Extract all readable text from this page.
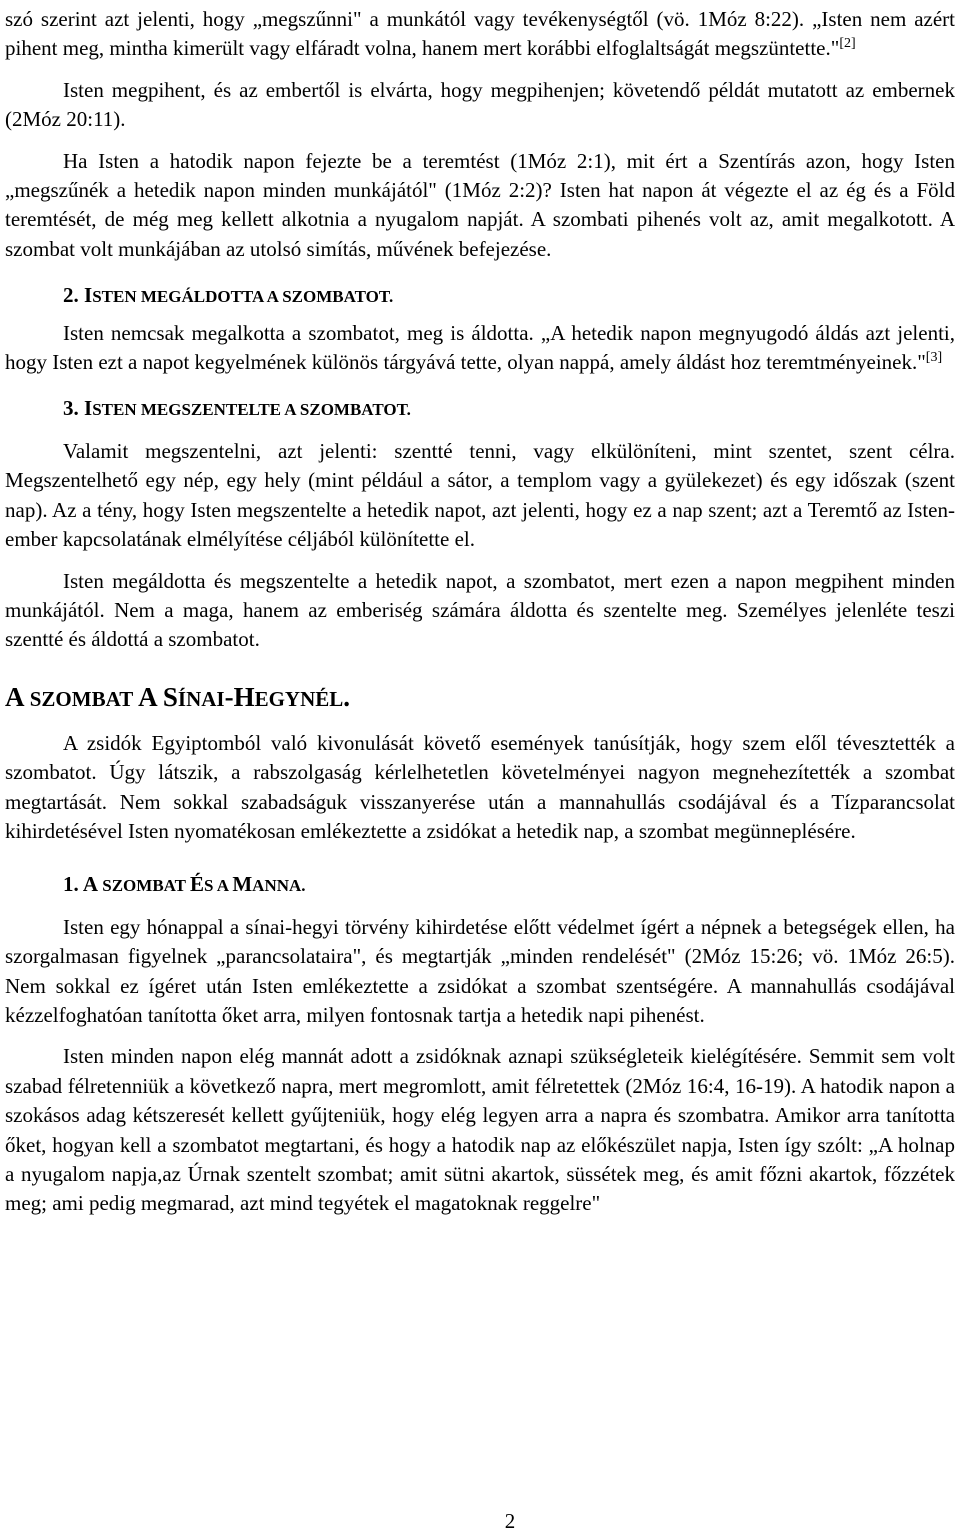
szó szerint azt jelenti, hogy „megszűnni" a munkától vagy tevékenységtől (vö. 1Móz 8:22). „Isten nem azért pihent meg, mintha kimerült vagy elfáradt volna, hanem mert korábbi elfoglaltságát megszüntette."[2]

Isten megpihent, és az embertől is elvárta, hogy megpihenjen; követendő példát mutatott az embernek (2Móz 20:11).

Ha Isten a hatodik napon fejezte be a teremtést (1Móz 2:1), mit ért a Szentírás azon, hogy Isten „megszűnék a hetedik napon minden munkájától" (1Móz 2:2)? Isten hat napon át végezte el az ég és a Föld teremtését, de még meg kellett alkotnia a nyugalom napját. A szombati pihenés volt az, amit megalkotott. A szombat volt munkájában az utolsó simítás, művének befejezése.

2. ISTEN MEGÁLDOTTA A SZOMBATOT.

Isten nemcsak megalkotta a szombatot, meg is áldotta. „A hetedik napon megnyugodó áldás azt jelenti, hogy Isten ezt a napot kegyelmének különös tárgyává tette, olyan nappá, amely áldást hoz teremtményeinek."[3]

3. ISTEN MEGSZENTELTE A SZOMBATOT.

Valamit megszentelni, azt jelenti: szentté tenni, vagy elkülöníteni, mint szentet, szent célra. Megszentelhető egy nép, egy hely (mint például a sátor, a templom vagy a gyülekezet) és egy időszak (szent nap). Az a tény, hogy Isten megszentelte a hetedik napot, azt jelenti, hogy ez a nap szent; azt a Teremtő az Isten-ember kapcsolatának elmélyítése céljából különítette el.

Isten megáldotta és megszentelte a hetedik napot, a szombatot, mert ezen a napon megpihent minden munkájától. Nem a maga, hanem az emberiség számára áldotta és szentelte meg. Személyes jelenléte teszi szentté és áldottá a szombatot.

A SZOMBAT A SÍNAI-HEGYNÉL.

A zsidók Egyiptomból való kivonulását követő események tanúsítják, hogy szem elől tévesztették a szombatot. Úgy látszik, a rabszolgaság kérlelhetetlen követelményei nagyon megnehezítették a szombat megtartását. Nem sokkal szabadságuk visszanyerése után a mannahullás csodájával és a Tízparancsolat kihirdetésével Isten nyomatékosan emlékeztette a zsidókat a hetedik nap, a szombat megünneplésére.

1. A SZOMBAT ÉS A MANNA.

Isten egy hónappal a sínai-hegyi törvény kihirdetése előtt védelmet ígért a népnek a betegségek ellen, ha szorgalmasan figyelnek „parancsolataira", és megtartják „minden rendelését" (2Móz 15:26; vö. 1Móz 26:5). Nem sokkal ez ígéret után Isten emlékeztette a zsidókat a szombat szentségére. A mannahullás csodájával kézzelfoghatóan tanította őket arra, milyen fontosnak tartja a hetedik napi pihenést.

Isten minden napon elég mannát adott a zsidóknak aznapi szükségleteik kielégítésére. Semmit sem volt szabad félretenniük a következő napra, mert megromlott, amit félretettek (2Móz 16:4, 16-19). A hatodik napon a szokásos adag kétszeresét kellett gyűjteniük, hogy elég legyen arra a napra és szombatra. Amikor arra tanította őket, hogyan kell a szombatot megtartani, és hogy a hatodik nap az előkészület napja, Isten így szólt: „A holnap a nyugalom napja,az Úrnak szentelt szombat; amit sütni akartok, süssétek meg, és amit főzni akartok, főzzétek meg; ami pedig megmarad, azt mind tegyétek el magatoknak reggelre"

2
